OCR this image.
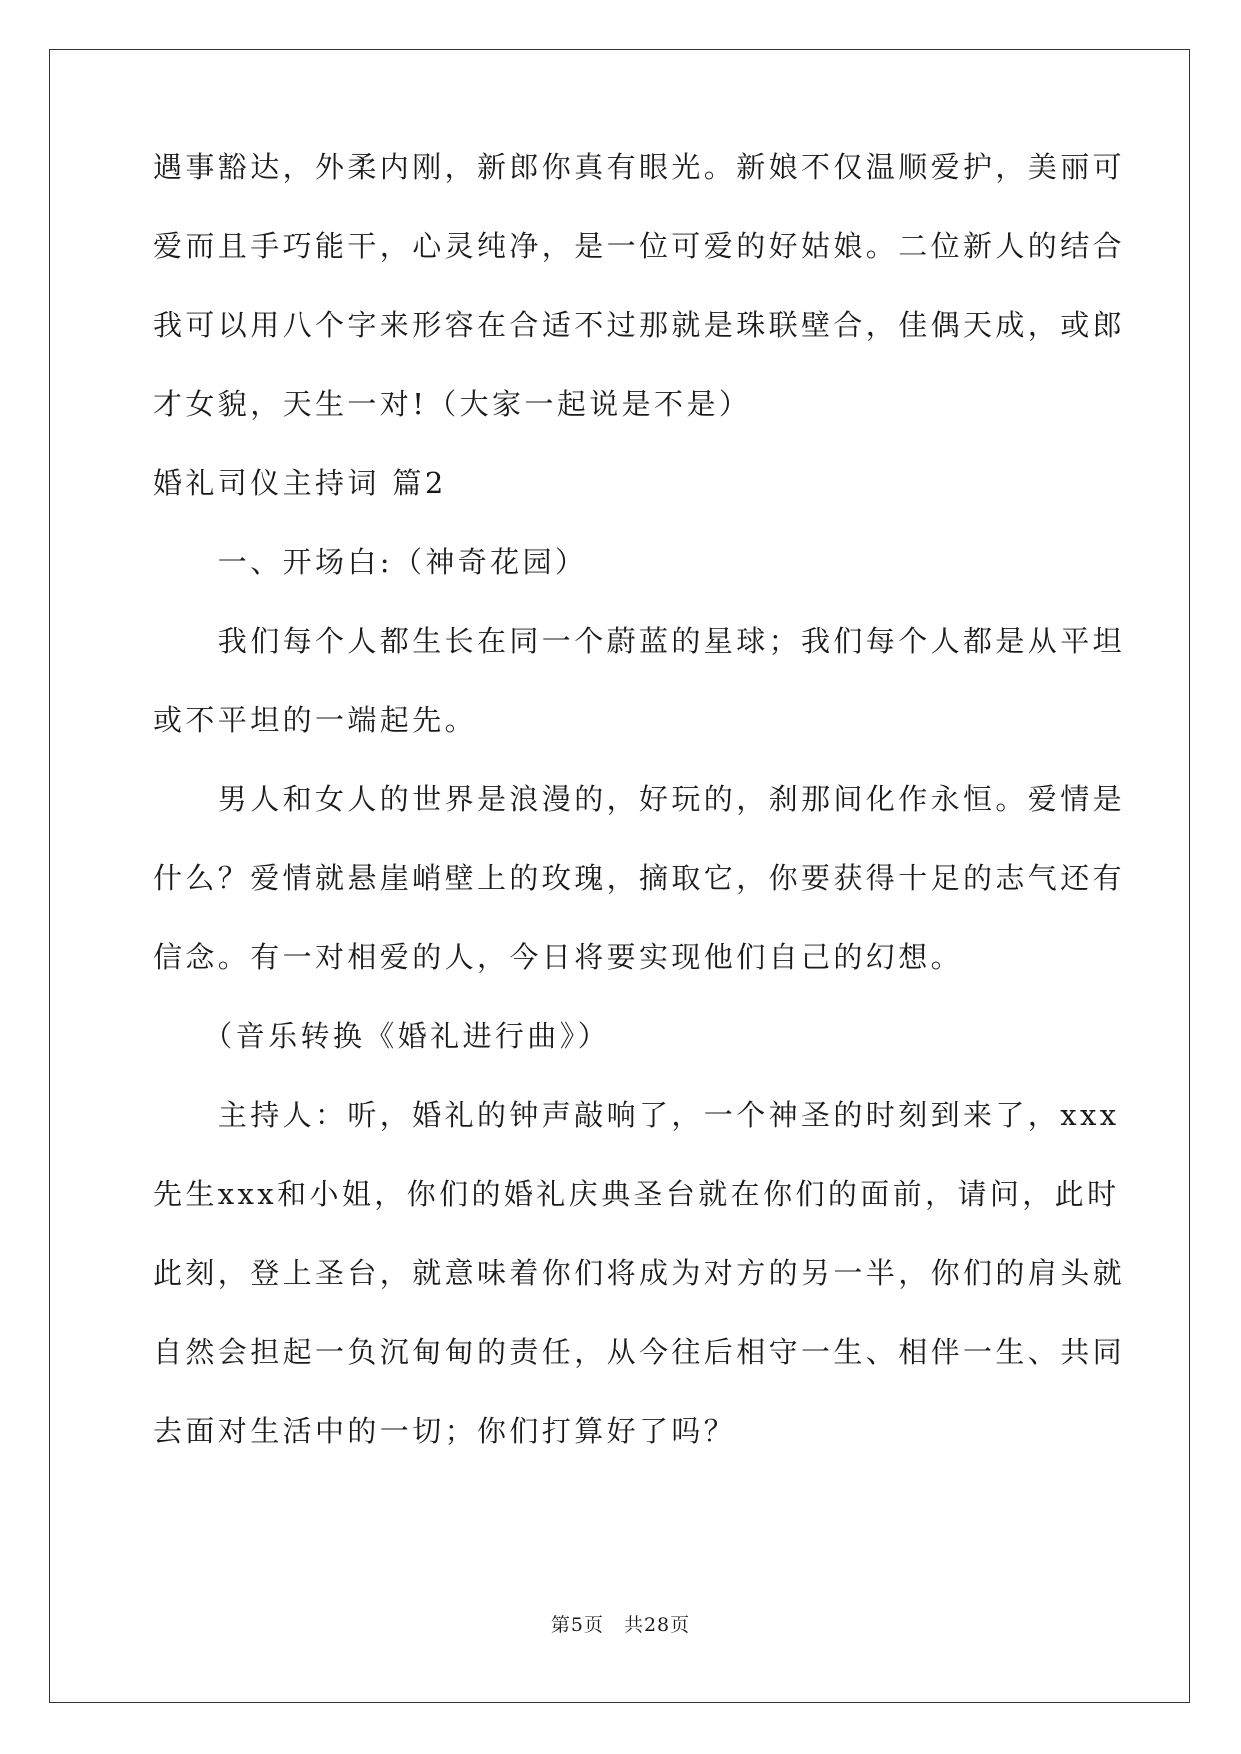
遇事豁达，外柔内刚，新郎你真有眼光。新娘不仅温顺爱护，美丽可
爱而且手巧能干，心灵纯净，是一位可爱的好姑娘。二位新人的结合
我可以用八个字来形容在合适不过那就是珠联壁合，佳偶天成，或郎
才女貌，天生一对!（大家一起说是不是）
婚礼司仪主持词 篇2
　　一、开场白:（神奇花园）
　　我们每个人都生长在同一个蔚蓝的星球；我们每个人都是从平坦
或不平坦的一端起先。
　　男人和女人的世界是浪漫的，好玩的，刹那间化作永恒。爱情是
什么？爱情就悬崖峭壁上的玫瑰，摘取它，你要获得十足的志气还有
信念。有一对相爱的人，今日将要实现他们自己的幻想。
　　（音乐转换《婚礼进行曲》）
　　主持人：听，婚礼的钟声敲响了，一个神圣的时刻到来了，xxx
先生xxx和小姐，你们的婚礼庆典圣台就在你们的面前，请问，此时
此刻，登上圣台，就意味着你们将成为对方的另一半，你们的肩头就
自然会担起一负沉甸甸的责任，从今往后相守一生、相伴一生、共同
去面对生活中的一切；你们打算好了吗？
第5页　共28页
